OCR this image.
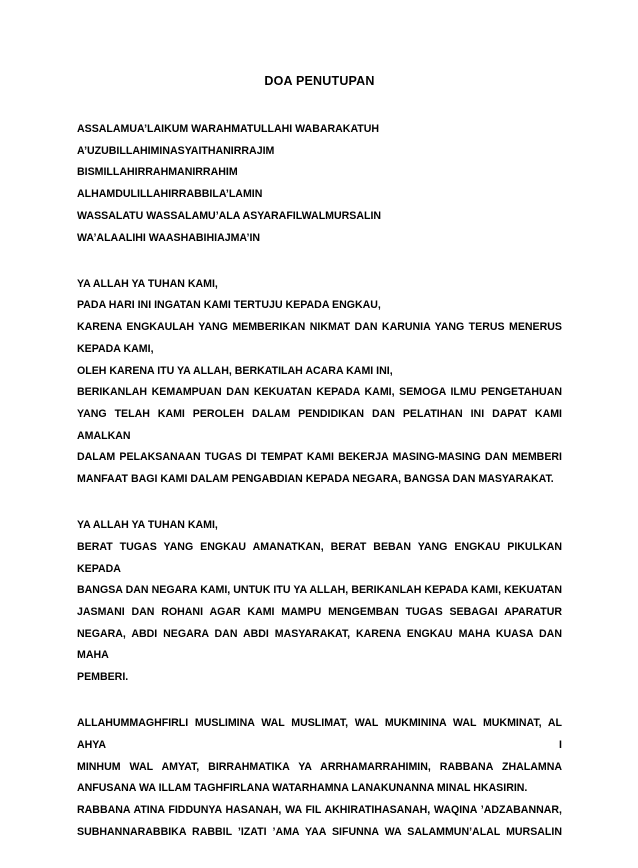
DOA PENUTUPAN
ASSALAMUA’LAIKUM WARAHMATULLAHI WABARAKATUH
A’UZUBILLAHIMINASYAITHANIRRAJIM
BISMILLAHIRRAHMANIRRAHIM
ALHAMDULILLAHIRRABBILA’LAMIN
WASSALATU WASSALAMU’ALA ASYARAFILWALMURSALIN
WA’ALAALIHI WAASHABIHIAJMA’IN
YA ALLAH YA TUHAN KAMI,
PADA HARI INI INGATAN KAMI TERTUJU KEPADA ENGKAU,
KARENA ENGKAULAH YANG MEMBERIKAN NIKMAT DAN KARUNIA YANG TERUS MENERUS
KEPADA KAMI,
OLEH KARENA ITU YA ALLAH, BERKATILAH ACARA KAMI INI,
BERIKANLAH KEMAMPUAN DAN KEKUATAN KEPADA KAMI, SEMOGA ILMU PENGETAHUAN
YANG TELAH KAMI PEROLEH DALAM PENDIDIKAN DAN PELATIHAN INI DAPAT KAMI AMALKAN
DALAM PELAKSANAAN TUGAS DI TEMPAT KAMI BEKERJA MASING-MASING DAN MEMBERI
MANFAAT BAGI KAMI DALAM PENGABDIAN KEPADA NEGARA, BANGSA DAN MASYARAKAT.
YA ALLAH YA TUHAN KAMI,
BERAT TUGAS YANG ENGKAU AMANATKAN, BERAT BEBAN YANG ENGKAU PIKULKAN KEPADA
BANGSA DAN NEGARA KAMI, UNTUK ITU YA ALLAH, BERIKANLAH KEPADA KAMI, KEKUATAN
JASMANI DAN ROHANI AGAR KAMI MAMPU MENGEMBAN TUGAS SEBAGAI APARATUR
NEGARA, ABDI NEGARA DAN ABDI MASYARAKAT, KARENA ENGKAU MAHA KUASA DAN MAHA
PEMBERI.
ALLAHUMMAGHFIRLI MUSLIMINA WAL MUSLIMAT, WAL MUKMININA WAL MUKMINAT, AL AHYA I
MINHUM WAL AMYAT, BIRRAHMATIKA YA ARRHAMARRAHIMIN, RABBANA ZHALAMNA
ANFUSANA WA ILLAM TAGHFIRLANA WATARHAMNA LANAKUNANNA MINAL HKASIRIN.
RABBANA ATINA FIDDUNYA HASANAH, WA FIL AKHIRATIHASANAH, WAQINA ’ADZABANNAR,
SUBHANNARABBIKA RABBIL ’IZATI ’AMA YAA SIFUNNA WA SALAMMUN’ALAL MURSALIN
